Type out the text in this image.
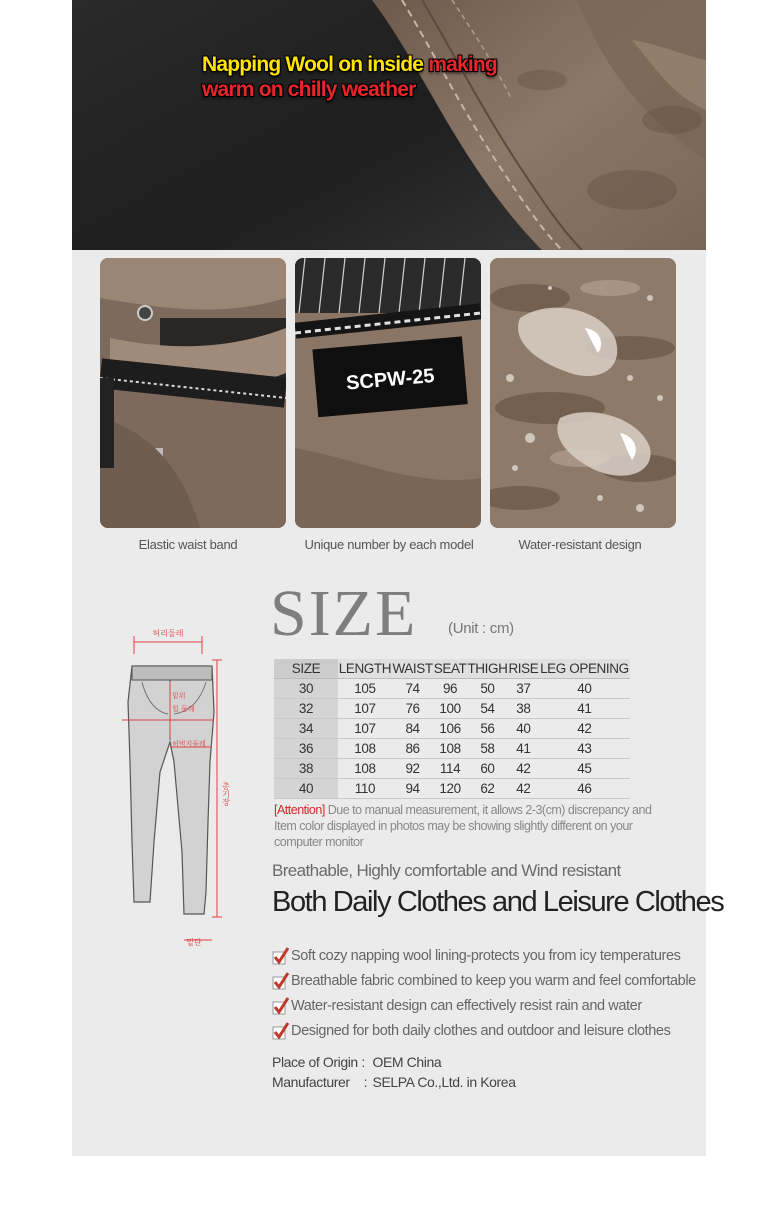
Napping Wool on inside making
warm on chilly weather
SCPW-25
Elastic waist band	Unique number by each model	Water-resistant design
허리둘레
총기장
밑단
밑위
힙 둘레
허벅지둘레
SIZE (Unit : cm)
SIZE	LENGTH	WAIST	SEAT	THIGH	RISE	LEG OPENING
30	105	74	96	50	37	40
32	107	76	100	54	38	41
34	107	84	106	56	40	42
36	108	86	108	58	41	43
38	108	92	114	60	42	45
40	110	94	120	62	42	46
[Attention] Due to manual measurement, it allows 2-3(cm) discrepancy and Item color displayed in photos may be showing slightly different on your computer monitor
Breathable, Highly comfortable and Wind resistant
Both Daily Clothes and Leisure Clothes
Soft cozy napping wool lining-protects you from icy temperatures
Breathable fabric combined to keep you warm and feel comfortable
Water-resistant design can effectively resist rain and water
Designed for both daily clothes and outdoor and leisure clothes
Place of Origin : OEM China
Manufacturer    : SELPA Co.,Ltd. in Korea
